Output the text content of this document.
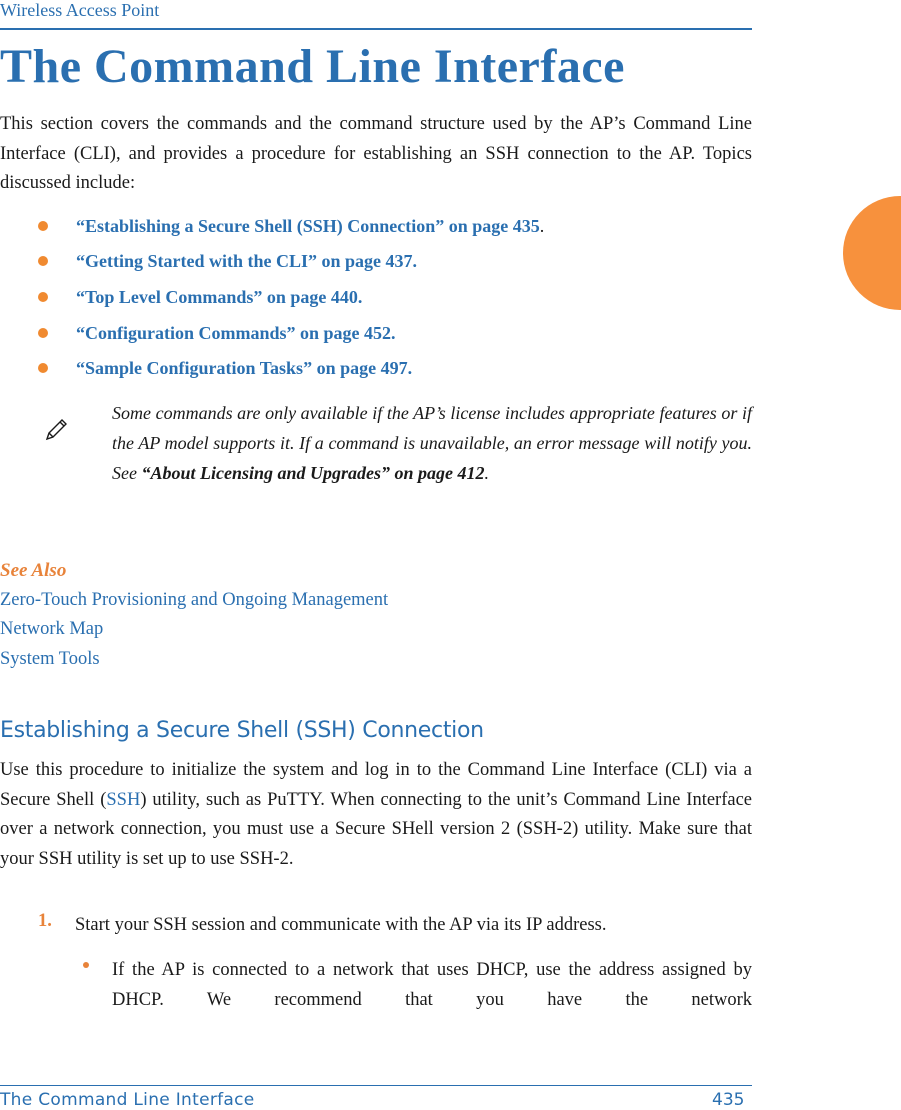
Wireless Access Point
The Command Line Interface

This section covers the commands and the command structure used by the AP’s Command Line Interface (CLI), and provides a procedure for establishing an SSH connection to the AP. Topics discussed include:

“Establishing a Secure Shell (SSH) Connection” on page 435 .
“Getting Started with the CLI” on page 437.
“Top Level Commands” on page 440.
“Configuration Commands” on page 452.
“Sample Configuration Tasks” on page 497.

Some commands are only available if the AP’s license includes appropriate features or if the AP model supports it. If a command is unavailable, an error message will notify you. See “About Licensing and Upgrades” on page 412.

See Also
Zero-Touch Provisioning and Ongoing Management
Network Map
System Tools
Establishing a Secure Shell (SSH) Connection

Use this procedure to initialize the system and log in to the Command Line Interface (CLI) via a Secure Shell (SSH) utility, such as PuTTY. When connecting to the unit’s Command Line Interface over a network connection, you must use a Secure SHell version 2 (SSH-2) utility. Make sure that your SSH utility is set up to use SSH-2.

1. Start your SSH session and communicate with the AP via its IP address.

If the AP is connected to a network that uses DHCP, use the address assigned by DHCP. We recommend that you have the network

The Command Line Interface	435
